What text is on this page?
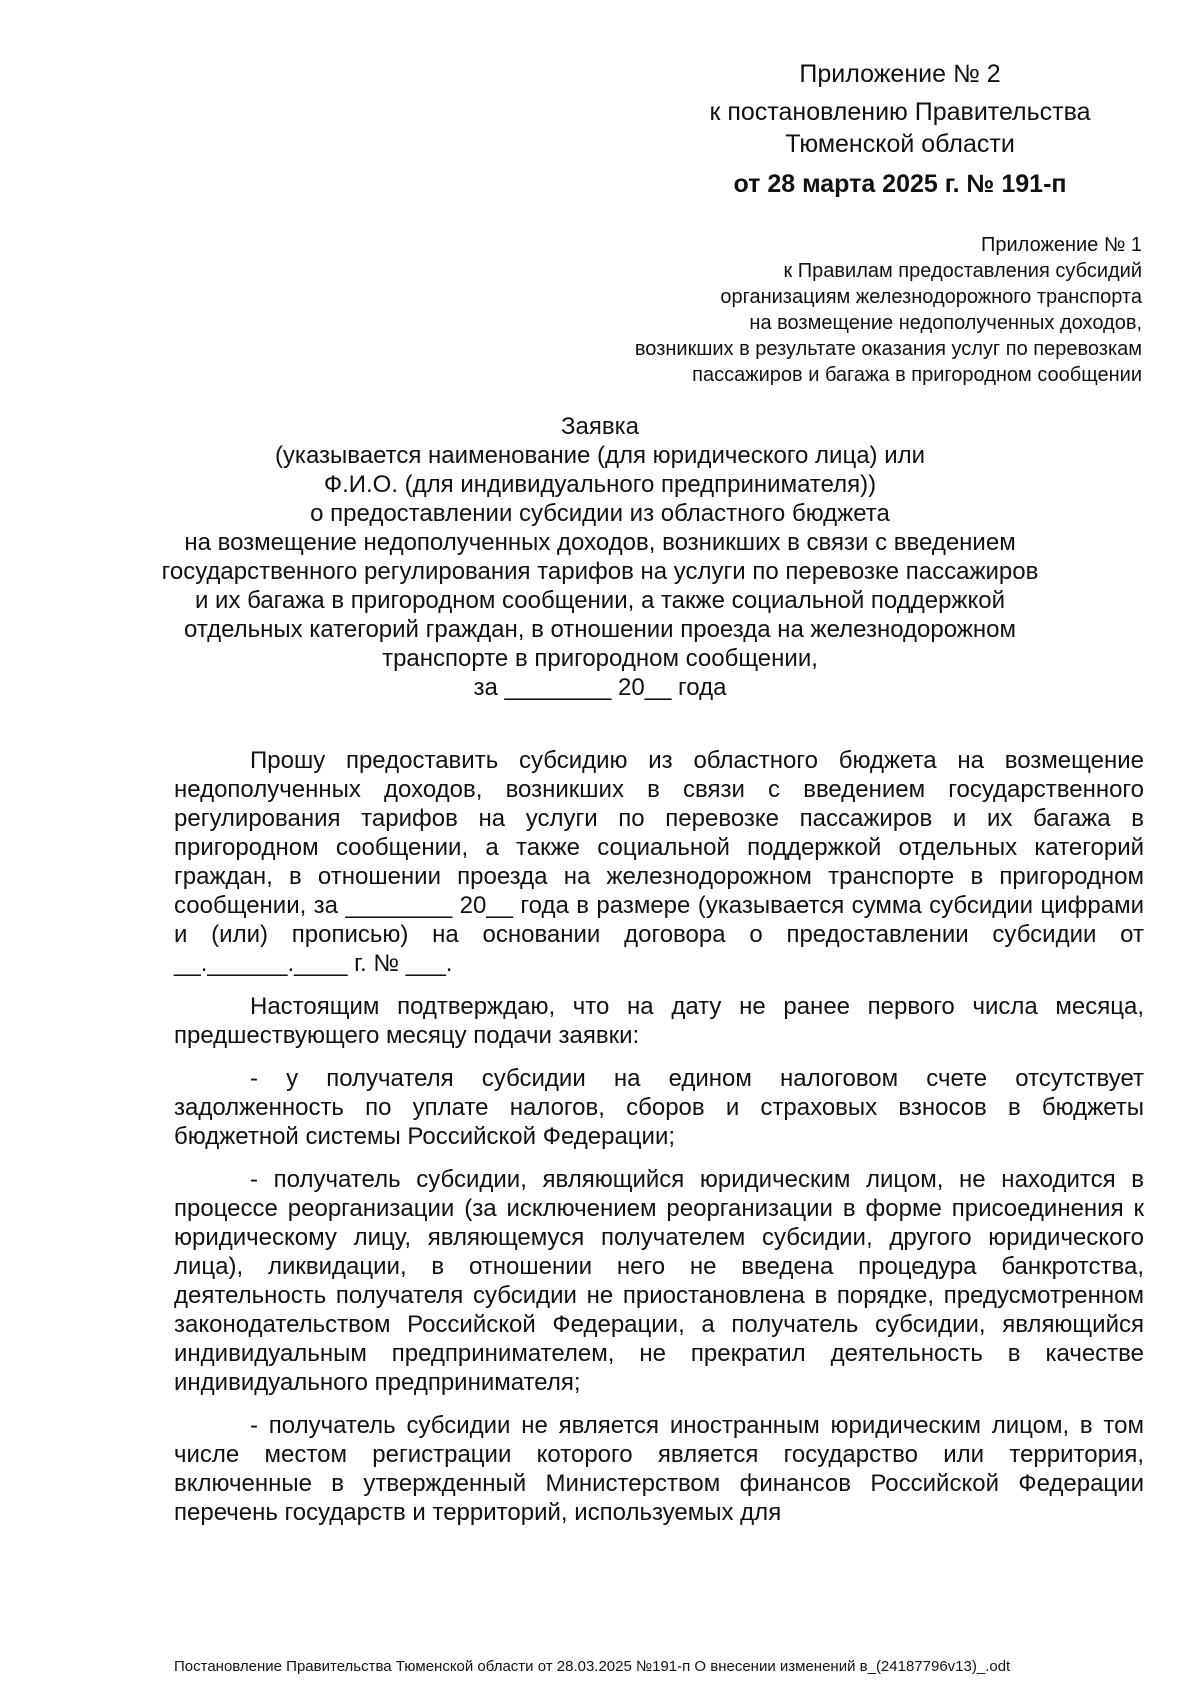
Приложение № 2
к постановлению Правительства
Тюменской области
от 28 марта 2025 г. № 191-п
Приложение № 1
к Правилам предоставления субсидий
организациям железнодорожного транспорта
на возмещение недополученных доходов,
возникших в результате оказания услуг по перевозкам
пассажиров и багажа в пригородном сообщении
Заявка
(указывается наименование (для юридического лица) или
Ф.И.О. (для индивидуального предпринимателя))
о предоставлении субсидии из областного бюджета
на возмещение недополученных доходов, возникших в связи с введением
государственного регулирования тарифов на услуги по перевозке пассажиров
и их багажа в пригородном сообщении, а также социальной поддержкой
отдельных категорий граждан, в отношении проезда на железнодорожном
транспорте в пригородном сообщении,
за ________ 20__ года

Прошу предоставить субсидию из областного бюджета на возмещение недополученных доходов, возникших в связи с введением государственного регулирования тарифов на услуги по перевозке пассажиров и их багажа в пригородном сообщении, а также социальной поддержкой отдельных категорий граждан, в отношении проезда на железнодорожном транспорте в пригородном сообщении, за ________ 20__ года в размере (указывается сумма субсидии цифрами и (или) прописью) на основании договора о предоставлении субсидии от __.______.____ г. № ___.

Настоящим подтверждаю, что на дату не ранее первого числа месяца, предшествующего месяцу подачи заявки:

- у получателя субсидии на едином налоговом счете отсутствует задолженность по уплате налогов, сборов и страховых взносов в бюджеты бюджетной системы Российской Федерации;

- получатель субсидии, являющийся юридическим лицом, не находится в процессе реорганизации (за исключением реорганизации в форме присоединения к юридическому лицу, являющемуся получателем субсидии, другого юридического лица), ликвидации, в отношении него не введена процедура банкротства, деятельность получателя субсидии не приостановлена в порядке, предусмотренном законодательством Российской Федерации, а получатель субсидии, являющийся индивидуальным предпринимателем, не прекратил деятельность в качестве индивидуального предпринимателя;

- получатель субсидии не является иностранным юридическим лицом, в том числе местом регистрации которого является государство или территория, включенные в утвержденный Министерством финансов Российской Федерации перечень государств и территорий, используемых для

Постановление Правительства Тюменской области от 28.03.2025 №191-п О внесении изменений в_(24187796v13)_.odt
